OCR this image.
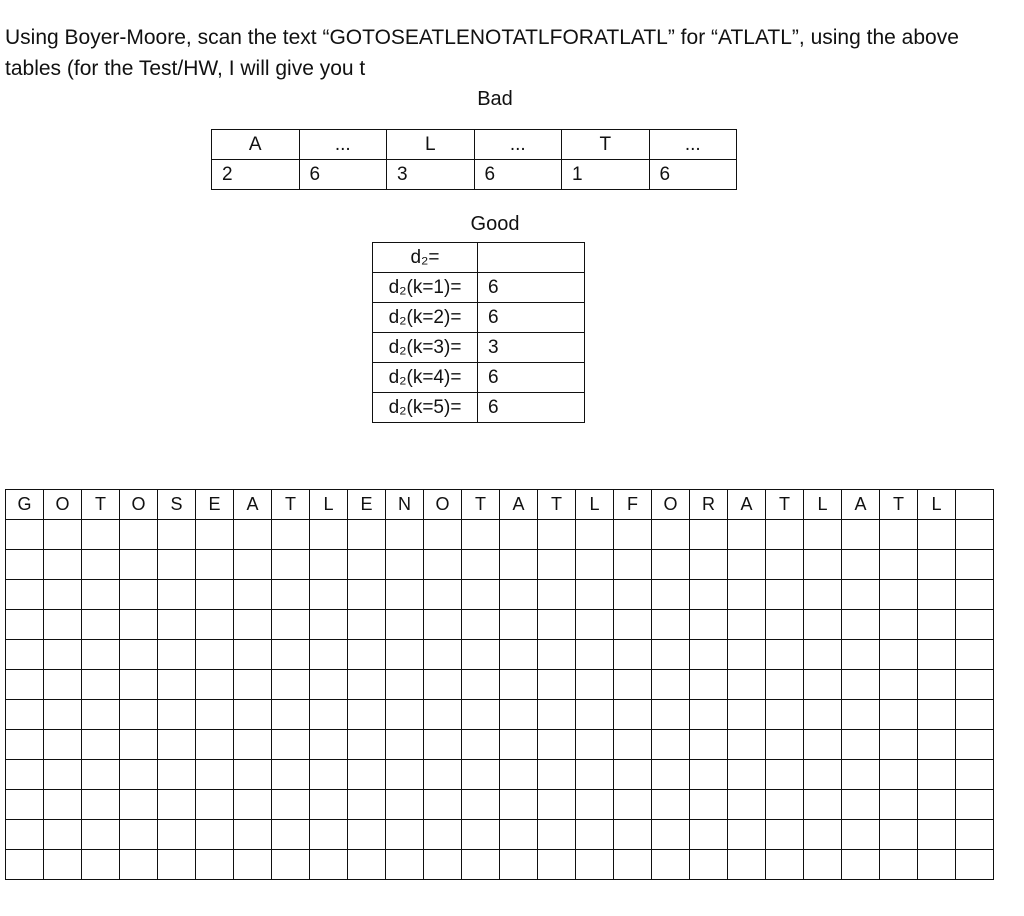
Using Boyer-Moore, scan the text “GOTOSEATLENOTATLFORATLATL” for “ATLATL”, using the above tables (for the Test/HW, I will give you t

Bad
A	...	L	...	T	...
2	6	3	6	1	6
Good
d₂=	
d₂(k=1)=	6
d₂(k=2)=	6
d₂(k=3)=	3
d₂(k=4)=	6
d₂(k=5)=	6
G	O	T	O	S	E	A	T	L	E	N	O	T	A	T	L	F	O	R	A	T	L	A	T	L	
